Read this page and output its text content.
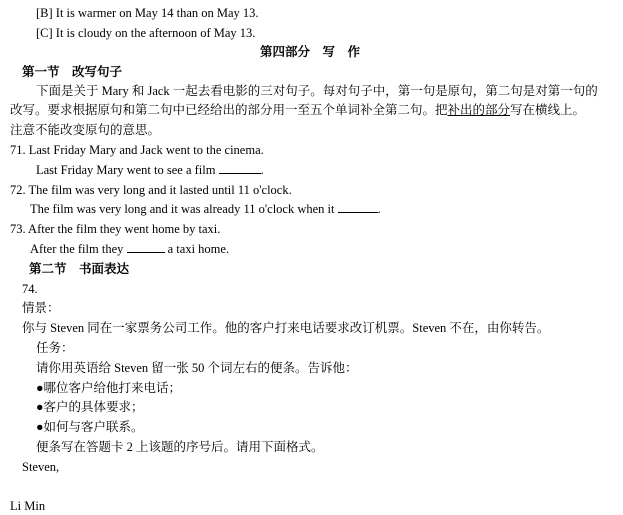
[B] It is warmer on May 14 than on May 13.
[C] It is cloudy on the afternoon of May 13.
第四部分　写　作
第一节　改写句子
下面是关于 Mary 和 Jack 一起去看电影的三对句子。每对句子中，第一句是原句，第二句是对第一句的
改写。要求根据原句和第二句中已经给出的部分用一至五个单词补全第二句。把补出的部分写在横线上。
注意不能改变原句的意思。
71. Last Friday Mary and Jack went to the cinema.
Last Friday Mary went to see a film	.
72. The film was very long and it lasted until 11 o'clock.
The film was very long and it was already 11 o'clock when it	.
73. After the film they went home by taxi.
After the film they	a taxi home.
第二节　书面表达
74.
情景：
你与 Steven 同在一家票务公司工作。他的客户打来电话要求改订机票。Steven 不在，由你转告。
任务：
请你用英语给 Steven 留一张 50 个词左右的便条。告诉他：
●哪位客户给他打来电话；
●客户的具体要求；
●如何与客户联系。
便条写在答题卡 2 上该题的序号后。请用下面格式。
Steven,
Li Min
